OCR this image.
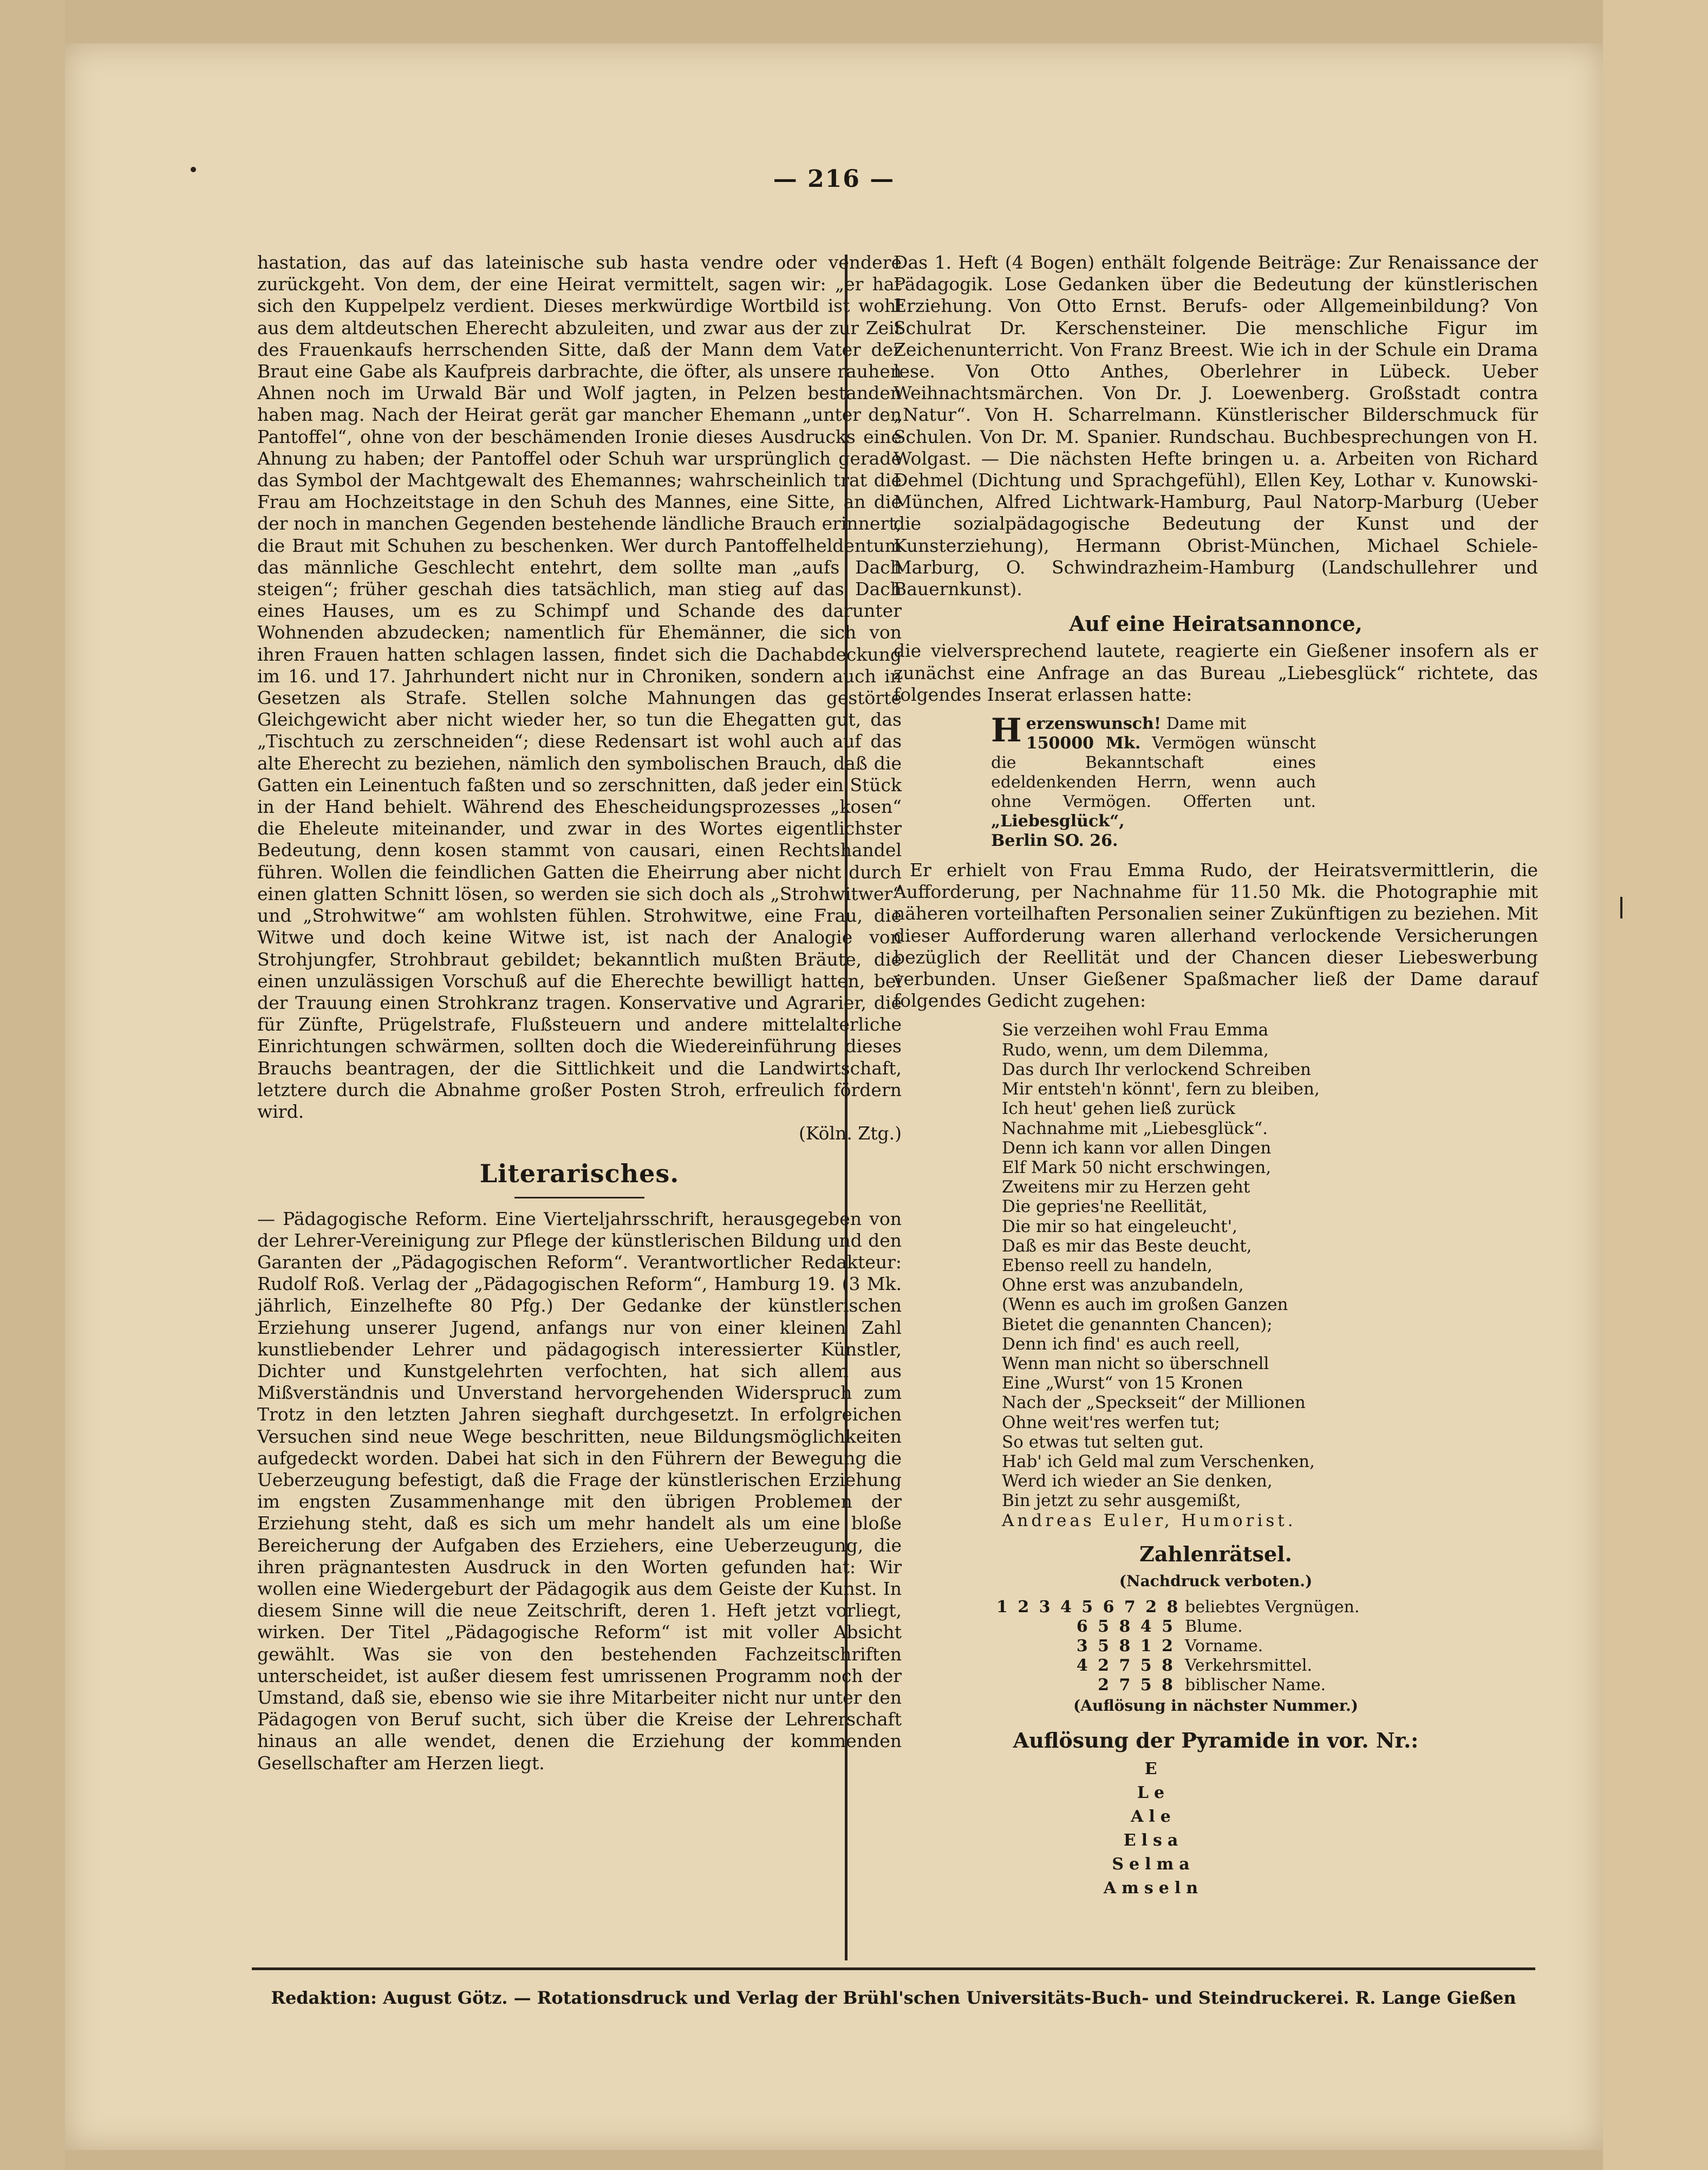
— 216 —

hastation, das auf das lateinische sub hasta vendre oder vendere zurückgeht. Von dem, der eine Heirat vermittelt, sagen wir: „er hat sich den Kuppelpelz verdient. Dieses merkwürdige Wortbild ist wohl aus dem altdeutschen Eherecht abzuleiten, und zwar aus der zur Zeit des Frauenkaufs herrschenden Sitte, daß der Mann dem Vater der Braut eine Gabe als Kaufpreis darbrachte, die öfter, als unsere rauhen Ahnen noch im Urwald Bär und Wolf jagten, in Pelzen bestanden haben mag. Nach der Heirat gerät gar mancher Ehemann „unter den Pantoffel“, ohne von der beschämenden Ironie dieses Ausdrucks eine Ahnung zu haben; der Pantoffel oder Schuh war ursprünglich gerade das Symbol der Machtgewalt des Ehemannes; wahrscheinlich trat die Frau am Hochzeitstage in den Schuh des Mannes, eine Sitte, an die der noch in manchen Gegenden bestehende ländliche Brauch erinnert, die Braut mit Schuhen zu beschenken. Wer durch Pantoffelheldentum das männliche Geschlecht entehrt, dem sollte man „aufs Dach steigen“; früher geschah dies tatsächlich, man stieg auf das Dach eines Hauses, um es zu Schimpf und Schande des darunter Wohnenden abzudecken; namentlich für Ehemänner, die sich von ihren Frauen hatten schlagen lassen, findet sich die Dachabdeckung im 16. und 17. Jahrhundert nicht nur in Chroniken, sondern auch in Gesetzen als Strafe. Stellen solche Mahnungen das gestörte Gleichgewicht aber nicht wieder her, so tun die Ehegatten gut, das „Tischtuch zu zerschneiden“; diese Redensart ist wohl auch auf das alte Eherecht zu beziehen, nämlich den symbolischen Brauch, daß die Gatten ein Leinentuch faßten und so zerschnitten, daß jeder ein Stück in der Hand behielt. Während des Ehescheidungsprozesses „kosen“ die Eheleute miteinander, und zwar in des Wortes eigentlichster Bedeutung, denn kosen stammt von causari, einen Rechtshandel führen. Wollen die feindlichen Gatten die Eheirrung aber nicht durch einen glatten Schnitt lösen, so werden sie sich doch als „Strohwitwer“ und „Strohwitwe“ am wohlsten fühlen. Strohwitwe, eine Frau, die Witwe und doch keine Witwe ist, ist nach der Analogie von Strohjungfer, Strohbraut gebildet; bekanntlich mußten Bräute, die einen unzulässigen Vorschuß auf die Eherechte bewilligt hatten, bei der Trauung einen Strohkranz tragen. Konservative und Agrarier, die für Zünfte, Prügelstrafe, Flußsteuern und andere mittelalterliche Einrichtungen schwärmen, sollten doch die Wiedereinführung dieses Brauchs beantragen, der die Sittlichkeit und die Landwirtschaft, letztere durch die Abnahme großer Posten Stroh, erfreulich fördern wird.

(Köln. Ztg.)
Literarisches.

— Pädagogische Reform. Eine Vierteljahrsschrift, herausgegeben von der Lehrer-Vereinigung zur Pflege der künstlerischen Bildung und den Garanten der „Pädagogischen Reform“. Verantwortlicher Redakteur: Rudolf Roß. Verlag der „Pädagogischen Reform“, Hamburg 19. (3 Mk. jährlich, Einzelhefte 80 Pfg.) Der Gedanke der künstlerischen Erziehung unserer Jugend, anfangs nur von einer kleinen Zahl kunstliebender Lehrer und pädagogisch interessierter Künstler, Dichter und Kunstgelehrten verfochten, hat sich allem aus Mißverständnis und Unverstand hervorgehenden Widerspruch zum Trotz in den letzten Jahren sieghaft durchgesetzt. In erfolgreichen Versuchen sind neue Wege beschritten, neue Bildungsmöglichkeiten aufgedeckt worden. Dabei hat sich in den Führern der Bewegung die Ueberzeugung befestigt, daß die Frage der künstlerischen Erziehung im engsten Zusammenhange mit den übrigen Problemen der Erziehung steht, daß es sich um mehr handelt als um eine bloße Bereicherung der Aufgaben des Erziehers, eine Ueberzeugung, die ihren prägnantesten Ausdruck in den Worten gefunden hat: Wir wollen eine Wiedergeburt der Pädagogik aus dem Geiste der Kunst. In diesem Sinne will die neue Zeitschrift, deren 1. Heft jetzt vorliegt, wirken. Der Titel „Pädagogische Reform“ ist mit voller Absicht gewählt. Was sie von den bestehenden Fachzeitschriften unterscheidet, ist außer diesem fest umrissenen Programm noch der Umstand, daß sie, ebenso wie sie ihre Mitarbeiter nicht nur unter den Pädagogen von Beruf sucht, sich über die Kreise der Lehrerschaft hinaus an alle wendet, denen die Erziehung der kommenden Gesellschafter am Herzen liegt.

Das 1. Heft (4 Bogen) enthält folgende Beiträge: Zur Renaissance der Pädagogik. Lose Gedanken über die Bedeutung der künstlerischen Erziehung. Von Otto Ernst. Berufs- oder Allgemeinbildung? Von Schulrat Dr. Kerschensteiner. Die menschliche Figur im Zeichenunterricht. Von Franz Breest. Wie ich in der Schule ein Drama lese. Von Otto Anthes, Oberlehrer in Lübeck. Ueber Weihnachtsmärchen. Von Dr. J. Loewenberg. Großstadt contra „Natur“. Von H. Scharrelmann. Künstlerischer Bilderschmuck für Schulen. Von Dr. M. Spanier. Rundschau. Buchbesprechungen von H. Wolgast. — Die nächsten Hefte bringen u. a. Arbeiten von Richard Dehmel (Dichtung und Sprachgefühl), Ellen Key, Lothar v. Kunowski-München, Alfred Lichtwark-Hamburg, Paul Natorp-Marburg (Ueber die sozialpädagogische Bedeutung der Kunst und der Kunsterziehung), Hermann Obrist-München, Michael Schiele-Marburg, O. Schwindrazheim-Hamburg (Landschullehrer und Bauernkunst).

Auf eine Heiratsannonce,

die vielversprechend lautete, reagierte ein Gießener insofern als er zunächst eine Anfrage an das Bureau „Liebesglück“ richtete, das folgendes Inserat erlassen hatte:

H erzenswunsch! Dame mit
150000 Mk. Vermögen wünscht die Bekanntschaft eines edeldenkenden Herrn, wenn auch ohne Vermögen. Offerten unt. „Liebesglück“,
Berlin SO. 26.

Er erhielt von Frau Emma Rudo, der Heiratsvermittlerin, die Aufforderung, per Nachnahme für 11.50 Mk. die Photographie mit näheren vorteilhaften Personalien seiner Zukünftigen zu beziehen. Mit dieser Aufforderung waren allerhand verlockende Versicherungen bezüglich der Reellität und der Chancen dieser Liebeswerbung verbunden. Unser Gießener Spaßmacher ließ der Dame darauf folgendes Gedicht zugehen:

Sie verzeihen wohl Frau Emma
Rudo, wenn, um dem Dilemma,
Das durch Ihr verlockend Schreiben
Mir entsteh'n könnt', fern zu bleiben,
Ich heut' gehen ließ zurück
Nachnahme mit „Liebesglück“.
Denn ich kann vor allen Dingen
Elf Mark 50 nicht erschwingen,
Zweitens mir zu Herzen geht
Die gepries'ne Reellität,
Die mir so hat eingeleucht',
Daß es mir das Beste deucht,
Ebenso reell zu handeln,
Ohne erst was anzubandeln,
(Wenn es auch im großen Ganzen
Bietet die genannten Chancen);
Denn ich find' es auch reell,
Wenn man nicht so überschnell
Eine „Wurst“ von 15 Kronen
Nach der „Speckseit“ der Millionen
Ohne weit'res werfen tut;
So etwas tut selten gut.
Hab' ich Geld mal zum Verschenken,
Werd ich wieder an Sie denken,
Bin jetzt zu sehr ausgemißt,
Andreas Euler, Humorist.
Zahlenrätsel.
(Nachdruck verboten.)
1 2 3 4 5 6 7 2 8 beliebtes Vergnügen.
6 5 8 4 5 Blume.
3 5 8 1 2 Vorname.
4 2 7 5 8 Verkehrsmittel.
2 7 5 8 biblischer Name.
(Auflösung in nächster Nummer.)
Auflösung der Pyramide in vor. Nr.:
E
Le
Ale
Elsa
Selma
Amseln
Redaktion: August Götz. — Rotationsdruck und Verlag der Brühl'schen Universitäts-Buch- und Steindruckerei. R. Lange Gießen
